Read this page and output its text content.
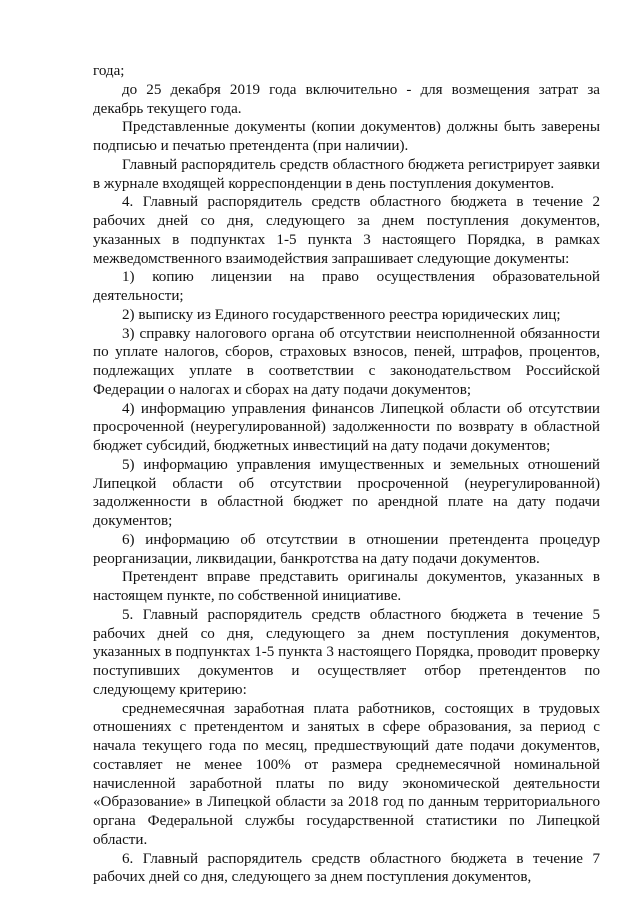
года;

до 25 декабря 2019 года включительно - для возмещения затрат за декабрь текущего года.

Представленные документы (копии документов) должны быть заверены подписью и печатью претендента (при наличии).

Главный распорядитель средств областного бюджета регистрирует заявки в журнале входящей корреспонденции в день поступления документов.

4. Главный распорядитель средств областного бюджета в течение 2 рабочих дней со дня, следующего за днем поступления документов, указанных в подпунктах 1-5 пункта 3 настоящего Порядка, в рамках межведомственного взаимодействия запрашивает следующие документы:

1) копию лицензии на право осуществления образовательной деятельности;

2) выписку из Единого государственного реестра юридических лиц;

3) справку налогового органа об отсутствии неисполненной обязанности по уплате налогов, сборов, страховых взносов, пеней, штрафов, процентов, подлежащих уплате в соответствии с законодательством Российской Федерации о налогах и сборах на дату подачи документов;

4) информацию управления финансов Липецкой области об отсутствии просроченной (неурегулированной) задолженности по возврату в областной бюджет субсидий, бюджетных инвестиций на дату подачи документов;

5) информацию управления имущественных и земельных отношений Липецкой области об отсутствии просроченной (неурегулированной) задолженности в областной бюджет по арендной плате на дату подачи документов;

6) информацию об отсутствии в отношении претендента процедур реорганизации, ликвидации, банкротства на дату подачи документов.

Претендент вправе представить оригиналы документов, указанных в настоящем пункте, по собственной инициативе.

5. Главный распорядитель средств областного бюджета в течение 5 рабочих дней со дня, следующего за днем поступления документов, указанных в подпунктах 1-5 пункта 3 настоящего Порядка, проводит проверку поступивших документов и осуществляет отбор претендентов по следующему критерию:

среднемесячная заработная плата работников, состоящих в трудовых отношениях с претендентом и занятых в сфере образования, за период с начала текущего года по месяц, предшествующий дате подачи документов, составляет не менее 100% от размера среднемесячной номинальной начисленной заработной платы по виду экономической деятельности «Образование» в Липецкой области за 2018 год по данным территориального органа Федеральной службы государственной статистики по Липецкой области.

6. Главный распорядитель средств областного бюджета в течение 7 рабочих дней со дня, следующего за днем поступления документов,
